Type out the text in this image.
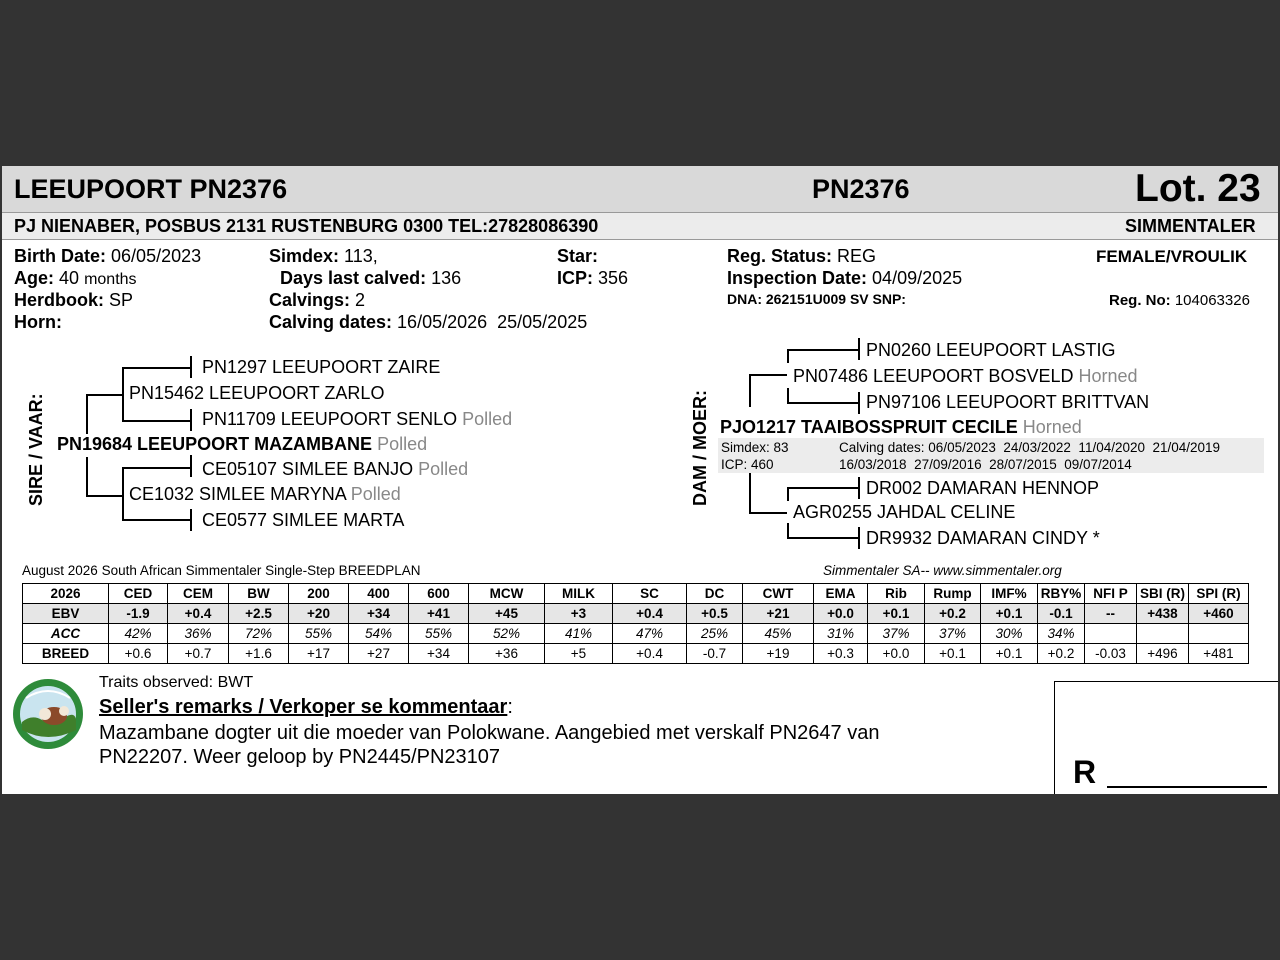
LEEUPOORT PN2376	PN2376	Lot. 23
PJ NIENABER, POSBUS 2131 RUSTENBURG 0300 TEL:27828086390	SIMMENTALER
Birth Date: 06/05/2023
Age: 40 months
Herdbook: SP
Horn:
Simdex: 113,
Days last calved: 136
Calvings: 2
Calving dates: 16/05/2026  25/05/2025
Star:
ICP: 356
Reg. Status: REG
Inspection Date: 04/09/2025
DNA: 262151U009 SV SNP:
FEMALE/VROULIK
Reg. No: 104063326
SIRE / VAAR:
PN1297 LEEUPOORT ZAIRE
PN15462 LEEUPOORT ZARLO
PN11709 LEEUPOORT SENLO Polled
PN19684 LEEUPOORT MAZAMBANE Polled
CE05107 SIMLEE BANJO Polled
CE1032 SIMLEE MARYNA Polled
CE0577 SIMLEE MARTA
DAM / MOER:
PN0260 LEEUPOORT LASTIG
PN07486 LEEUPOORT BOSVELD Horned
PN97106 LEEUPOORT BRITTVAN
PJO1217 TAAIBOSSPRUIT CECILE Horned
Simdex: 83
ICP: 460
Calving dates: 06/05/2023  24/03/2022  11/04/2020  21/04/2019
16/03/2018  27/09/2016  28/07/2015  09/07/2014
DR002 DAMARAN HENNOP
AGR0255 JAHDAL CELINE
DR9932 DAMARAN CINDY *
August 2026 South African Simmentaler Single-Step BREEDPLAN	Simmentaler SA-- www.simmentaler.org
2026	CED	CEM	BW	200	400	600	MCW	MILK	SC	DC	CWT	EMA	Rib	Rump	IMF%	RBY%	NFI P	SBI (R)	SPI (R)
EBV	-1.9	+0.4	+2.5	+20	+34	+41	+45	+3	+0.4	+0.5	+21	+0.0	+0.1	+0.2	+0.1	-0.1	--	+438	+460
ACC	42%	36%	72%	55%	54%	55%	52%	41%	47%	25%	45%	31%	37%	37%	30%	34%			
BREED	+0.6	+0.7	+1.6	+17	+27	+34	+36	+5	+0.4	-0.7	+19	+0.3	+0.0	+0.1	+0.1	+0.2	-0.03	+496	+481
Traits observed: BWT
Seller's remarks / Verkoper se kommentaar:
Mazambane dogter uit die moeder van Polokwane. Aangebied met verskalf PN2647 van
PN22207. Weer geloop by PN2445/PN23107	R
